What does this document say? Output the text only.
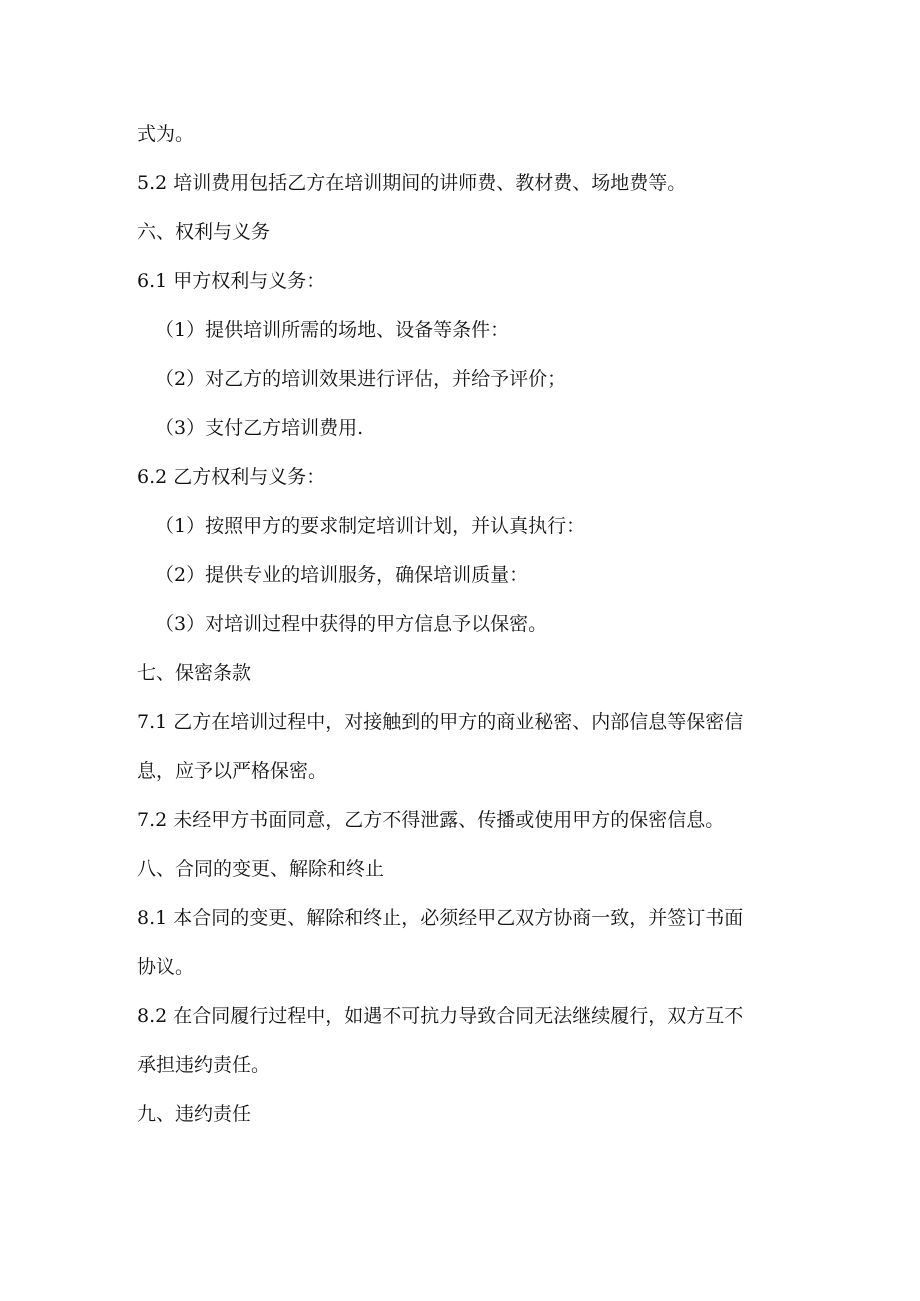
式为。
5.2 培训费用包括乙方在培训期间的讲师费、教材费、场地费等。
六、权利与义务
6.1 甲方权利与义务：
（1）提供培训所需的场地、设备等条件：
（2）对乙方的培训效果进行评估，并给予评价；
（3）支付乙方培训费用.
6.2 乙方权利与义务：
（1）按照甲方的要求制定培训计划，并认真执行：
（2）提供专业的培训服务，确保培训质量：
（3）对培训过程中获得的甲方信息予以保密。
七、保密条款
7.1 乙方在培训过程中，对接触到的甲方的商业秘密、内部信息等保密信
息，应予以严格保密。
7.2 未经甲方书面同意，乙方不得泄露、传播或使用甲方的保密信息。
八、合同的变更、解除和终止
8.1 本合同的变更、解除和终止，必须经甲乙双方协商一致，并签订书面
协议。
8.2 在合同履行过程中，如遇不可抗力导致合同无法继续履行，双方互不
承担违约责任。
九、违约责任
